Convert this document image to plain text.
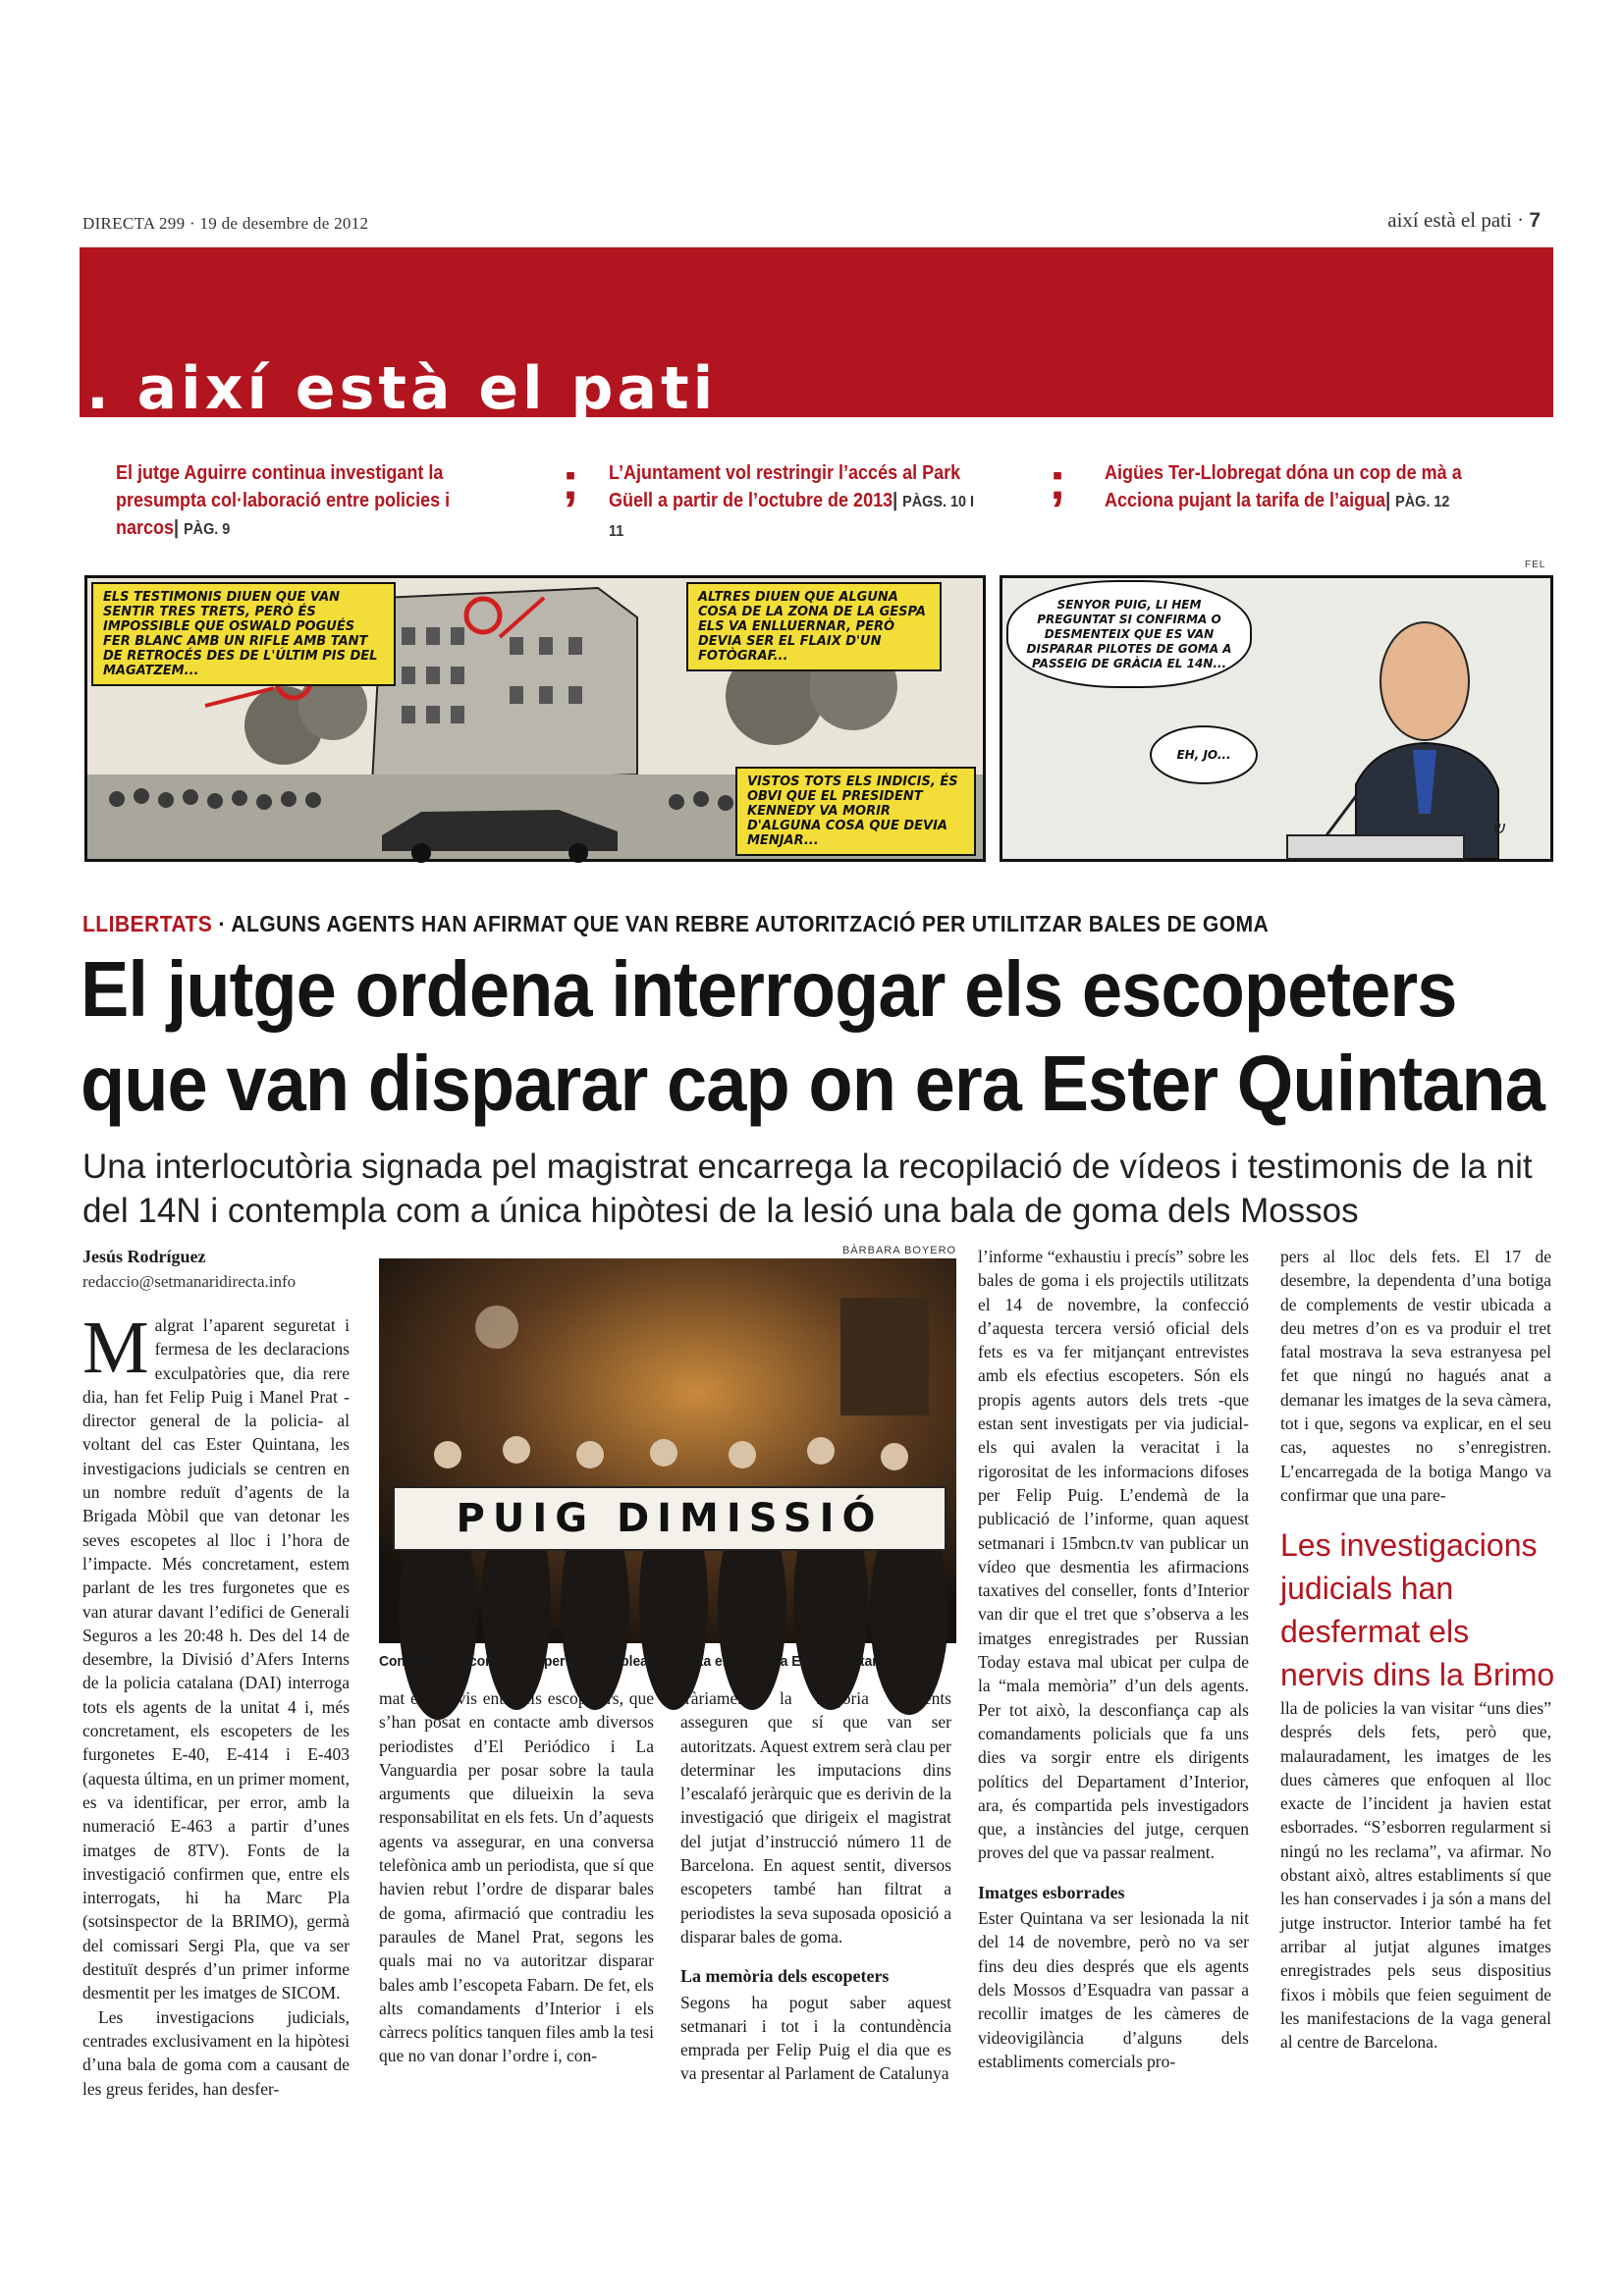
DIRECTA 299 · 19 de desembre de 2012	així està el pati · 7
. així està el pati
El jutge Aguirre continua investigant la presumpta col·laboració entre policies i narcos| PÀG. 9
; L’Ajuntament vol restringir l’accés al Park Güell a partir de l’octubre de 2013| PÀGS. 10 I 11
; Aigües Ter-Llobregat dóna un cop de mà a Acciona pujant la tarifa de l’aigua| PÀG. 12
FEL
ELS TESTIMONIS DIUEN QUE VAN SENTIR TRES TRETS, PERÒ ÉS IMPOSSIBLE QUE OSWALD POGUÉS FER BLANC AMB UN RIFLE AMB TANT DE RETROCÉS DES DE L'ÚLTIM PIS DEL MAGATZEM...
ALTRES DIUEN QUE ALGUNA COSA DE LA ZONA DE LA GESPA ELS VA ENLLUERNAR, PERÒ DEVIA SER EL FLAIX D'UN FOTÒGRAF...
VISTOS TOTS ELS INDICIS, ÉS OBVI QUE EL PRESIDENT KENNEDY VA MORIR D'ALGUNA COSA QUE DEVIA MENJAR...
ש
SENYOR PUIG, LI HEM PREGUNTAT SI CONFIRMA O DESMENTEIX QUE ES VAN DISPARAR PILOTES DE GOMA A PASSEIG DE GRÀCIA EL 14N...
EH, JO...
LLIBERTATS · ALGUNS AGENTS HAN AFIRMAT QUE VAN REBRE AUTORITZACIÓ PER UTILITZAR BALES DE GOMA
El jutge ordena interrogar els escopeters
que van disparar cap on era Ester Quintana
Una interlocutòria signada pel magistrat encarrega la recopilació de vídeos i testimonis de la nit del 14N i contempla com a única hipòtesi de la lesió una bala de goma dels Mossos
Jesús Rodríguez
redaccio@setmanaridirecta.info
BÀRBARA BOYERO
PUIG DIMISSIÓ
Concentració convocada per l’Assemblea feminista en suport a Ester Quintana el 14-D

Malgrat l’aparent seguretat i fermesa de les declaracions exculpatòries que, dia rere dia, han fet Felip Puig i Manel Prat -director general de la policia- al voltant del cas Ester Quintana, les investigacions judicials se centren en un nombre reduït d’agents de la Brigada Mòbil que van detonar les seves escopetes al lloc i l’hora de l’impacte. Més concretament, estem parlant de les tres furgonetes que es van aturar davant l’edifici de Generali Seguros a les 20:48 h. Des del 14 de desembre, la Divisió d’Afers Interns de la policia catalana (DAI) interroga tots els agents de la unitat 4 i, més concretament, els escopeters de les furgonetes E-40, E-414 i E-403 (aquesta última, en un primer moment, es va identificar, per error, amb la numeració E-463 a partir d’unes imatges de 8TV). Fonts de la investigació confirmen que, entre els interrogats, hi ha Marc Pla (sotsinspector de la BRIMO), germà del comissari Sergi Pla, que va ser destituït després d’un primer informe desmentit per les imatges de SICOM.

Les investigacions judicials, centrades exclusivament en la hipòtesi d’una bala de goma com a causant de les greus ferides, han desfer-

mat els nervis entre els escopeters, que s’han posat en contacte amb diversos periodistes d’El Periódico i La Vanguardia per posar sobre la taula arguments que dilueixin la seva responsabilitat en els fets. Un d’aquests agents va assegurar, en una conversa telefònica amb un periodista, que sí que havien rebut l’ordre de disparar bales de goma, afirmació que contradiu les paraules de Manel Prat, segons les quals mai no va autoritzar disparar bales amb l’escopeta Fabarn. De fet, els alts comandaments d’Interior i els càrrecs polítics tanquen files amb la tesi que no van donar l’ordre i, con-

tràriament, la majoria d’agents asseguren que sí que van ser autoritzats. Aquest extrem serà clau per determinar les imputacions dins l’escalafó jeràrquic que es derivin de la investigació que dirigeix el magistrat del jutjat d’instrucció número 11 de Barcelona. En aquest sentit, diversos escopeters també han filtrat a periodistes la seva suposada oposició a disparar bales de goma.

La memòria dels escopeters

Segons ha pogut saber aquest setmanari i tot i la contundència emprada per Felip Puig el dia que es va presentar al Parlament de Catalunya

l’informe “exhaustiu i precís” sobre les bales de goma i els projectils utilitzats el 14 de novembre, la confecció d’aquesta tercera versió oficial dels fets es va fer mitjançant entrevistes amb els efectius escopeters. Són els propis agents autors dels trets -que estan sent investigats per via judicial- els qui avalen la veracitat i la rigorositat de les informacions difoses per Felip Puig. L’endemà de la publicació de l’informe, quan aquest setmanari i 15mbcn.tv van publicar un vídeo que desmentia les afirmacions taxatives del conseller, fonts d’Interior van dir que el tret que s’observa a les imatges enregistrades per Russian Today estava mal ubicat per culpa de la “mala memòria” d’un dels agents. Per tot això, la desconfiança cap als comandaments policials que fa uns dies va sorgir entre els dirigents polítics del Departament d’Interior, ara, és compartida pels investigadors que, a instàncies del jutge, cerquen proves del que va passar realment.

Imatges esborrades

Ester Quintana va ser lesionada la nit del 14 de novembre, però no va ser fins deu dies després que els agents dels Mossos d’Esquadra van passar a recollir imatges de les càmeres de videovigilància d’alguns dels establiments comercials pro-

pers al lloc dels fets. El 17 de desembre, la dependenta d’una botiga de complements de vestir ubicada a deu metres d’on es va produir el tret fatal mostrava la seva estranyesa pel fet que ningú no hagués anat a demanar les imatges de la seva càmera, tot i que, segons va explicar, en el seu cas, aquestes no s’enregistren. L’encarregada de la botiga Mango va confirmar que una pare-

Les investigacions judicials han desfermat els nervis dins la Brimo

lla de policies la van visitar “uns dies” després dels fets, però que, malauradament, les imatges de les dues càmeres que enfoquen al lloc exacte de l’incident ja havien estat esborrades. “S’esborren regularment si ningú no les reclama”, va afirmar. No obstant això, altres establiments sí que les han conservades i ja són a mans del jutge instructor. Interior també ha fet arribar al jutjat algunes imatges enregistrades pels seus dispositius fixos i mòbils que feien seguiment de les manifestacions de la vaga general al centre de Barcelona.
